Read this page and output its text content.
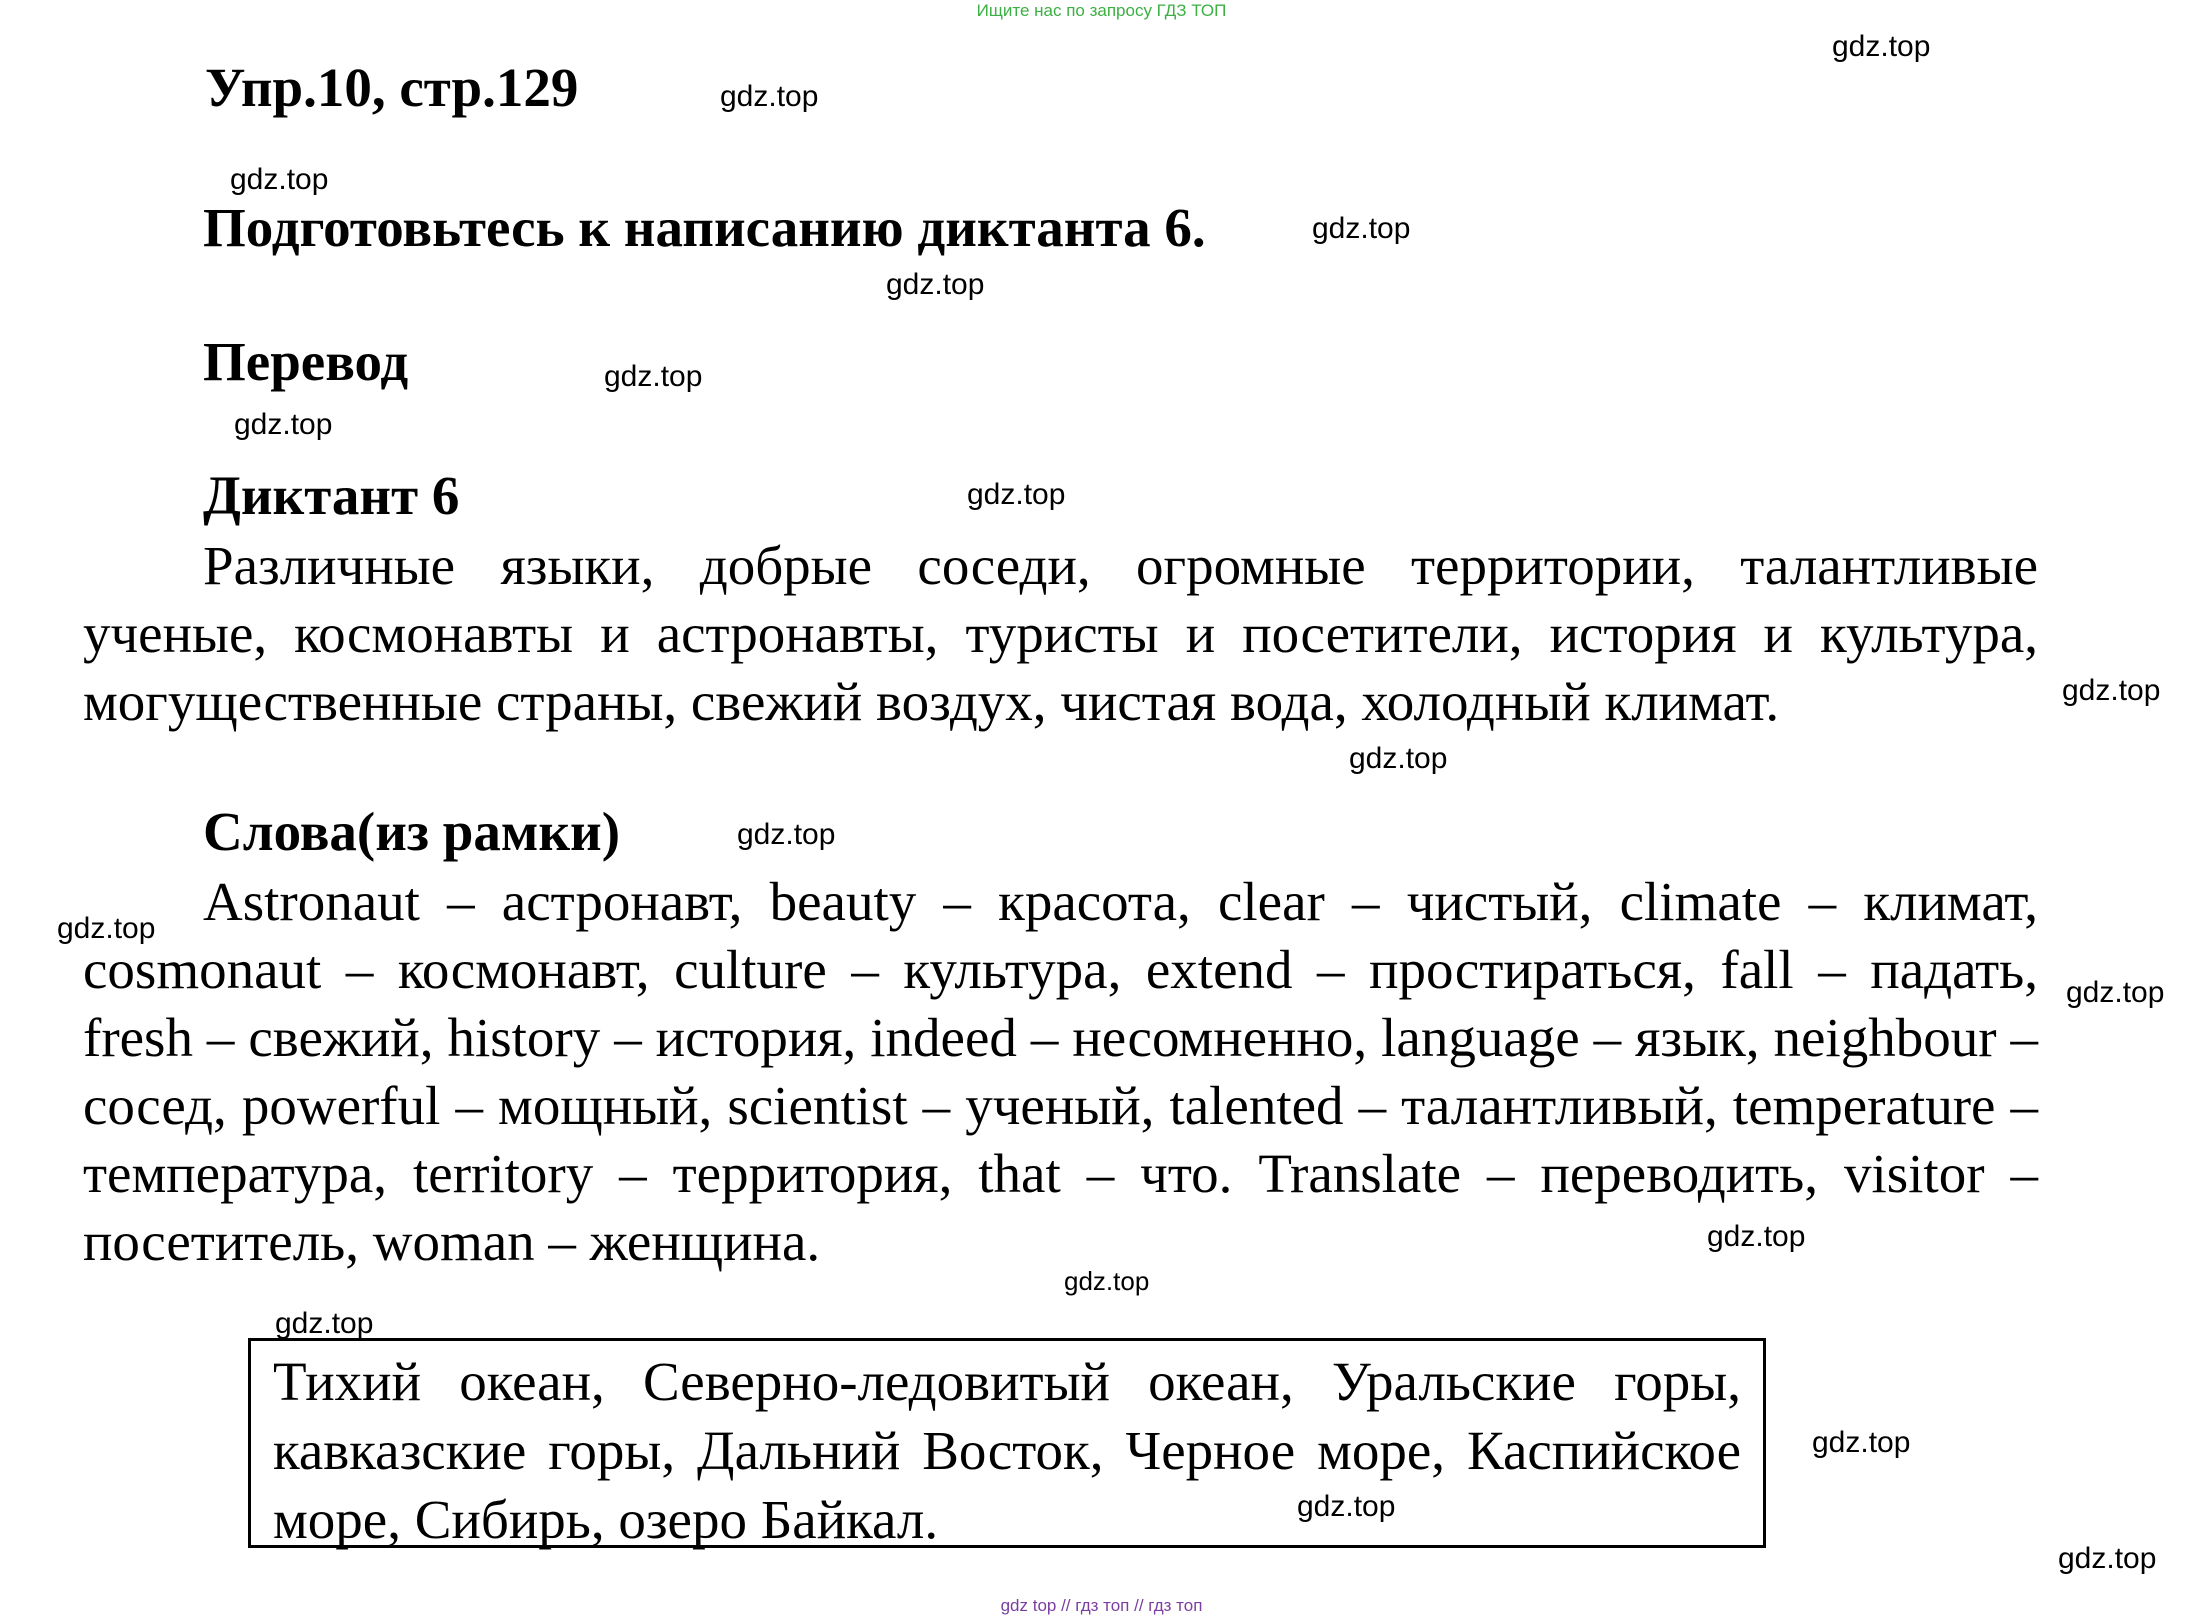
Ищите нас по запросу ГДЗ ТОП
Упр.10, стр.129
Подготовьтесь к написанию диктанта 6.
Перевод
Диктант 6
Различные языки, добрые соседи, огромные территории, талантливые ученые, космонавты и астронавты, туристы и посетители, история и культура, могущественные страны, свежий воздух, чистая вода, холодный климат.
Слова(из рамки)
Astronaut – астронавт, beauty – красота, clear – чистый, climate – климат, cosmonaut – космонавт, culture – культура, extend – простираться, fall – падать, fresh – свежий, history – история, indeed – несомненно, language – язык, neighbour – сосед, powerful – мощный, scientist – ученый, talented – талантливый, temperature – температура, territory – территория, that – что. Translate – переводить, visitor – посетитель, woman – женщина.
Тихий океан, Северно-ледовитый океан, Уральские горы, кавказские горы, Дальний Восток, Черное море, Каспийское море, Сибирь, озеро Байкал.
gdz.top
gdz.top
gdz.top
gdz.top
gdz.top
gdz.top
gdz.top
gdz.top
gdz.top
gdz.top
gdz.top
gdz.top
gdz.top
gdz.top
gdz.top
gdz.top
gdz.top
gdz.top
gdz.top
gdz top // гдз топ // гдз топ
